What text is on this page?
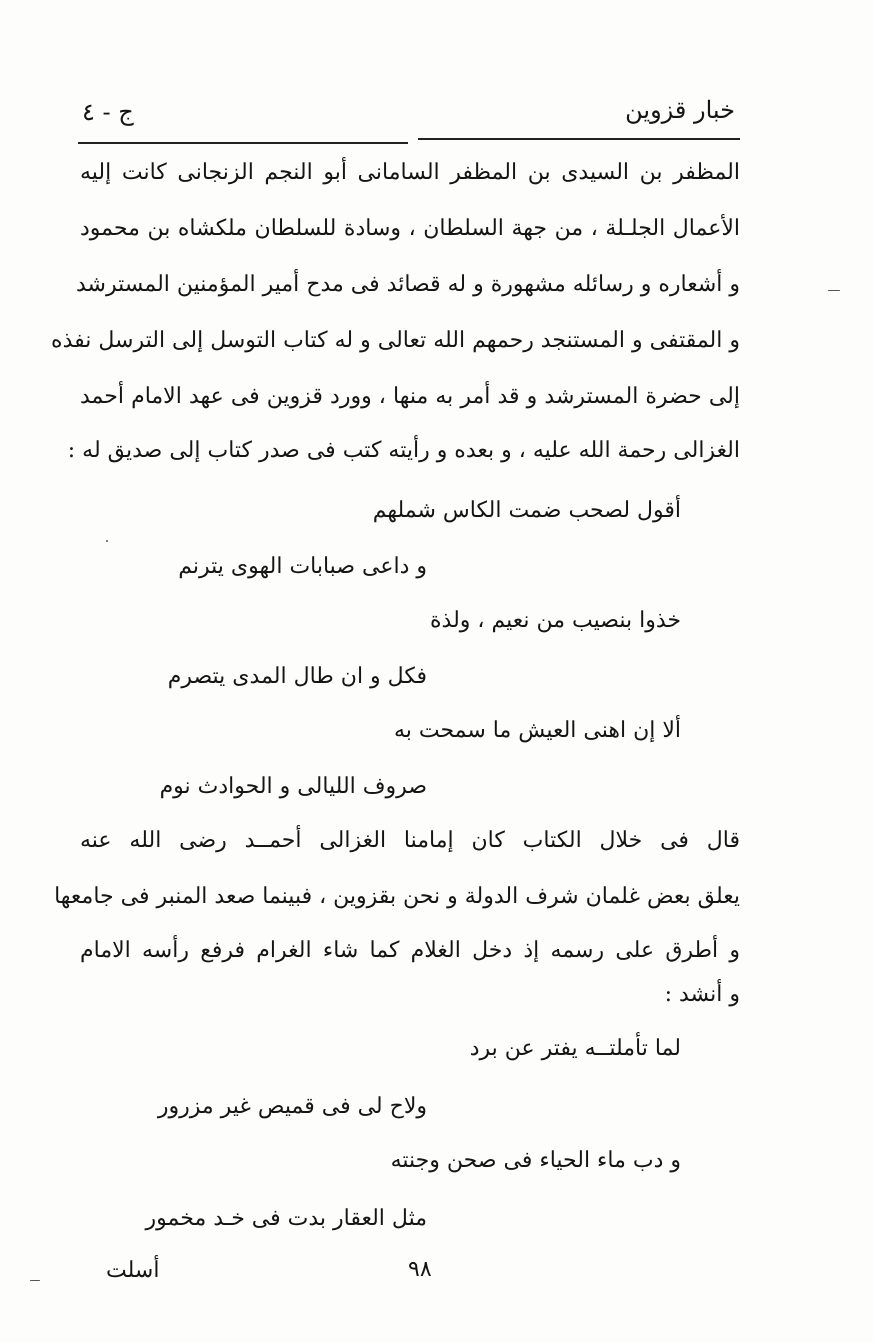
خبار قزوين
ج - ٤
المظفر بن السيدى بن المظفر السامانى أبو النجم الزنجانى كانت إليه
الأعمال الجلـلة ، من جهة السلطان ، وسادة للسلطان ملكشاه بن محمود
و أشعاره و رسائله مشهورة و له قصائد فى مدح أمير المؤمنين المسترشد
و المقتفى و المستنجد رحمهم الله تعالى و له كتاب التوسل إلى الترسل نفذه
إلى حضرة المسترشد و قد أمر به منها ، وورد قزوين فى عهد الامام أحمد
الغزالى رحمة الله عليه ، و بعده و رأيته كتب فى صدر كتاب إلى صديق له :
أقول لصحب ضمت الكاس شملهم
و داعى صبابات الهوى يترنم
خذوا بنصيب من نعيم ، ولذة
فكل و ان طال المدى يتصرم
ألا إن اهنى العيش ما سمحت به
صروف الليالى و الحوادث نوم
قال فى خلال الكتاب كان إمامنا الغزالى أحمــد رضى الله عنه
يعلق بعض غلمان شرف الدولة و نحن بقزوين ، فبينما صعد المنبر فى جامعها
و أطرق على رسمه إذ دخل الغلام كما شاء الغرام فرفع رأسه الامام
و أنشد :
لما تأملتــه يفتر عن برد
ولاح لى فى قميص غير مزرور
و دب ماء الحياء فى صحن وجنته
مثل العقار بدت فى خـد مخمور
أسلت	٩٨
